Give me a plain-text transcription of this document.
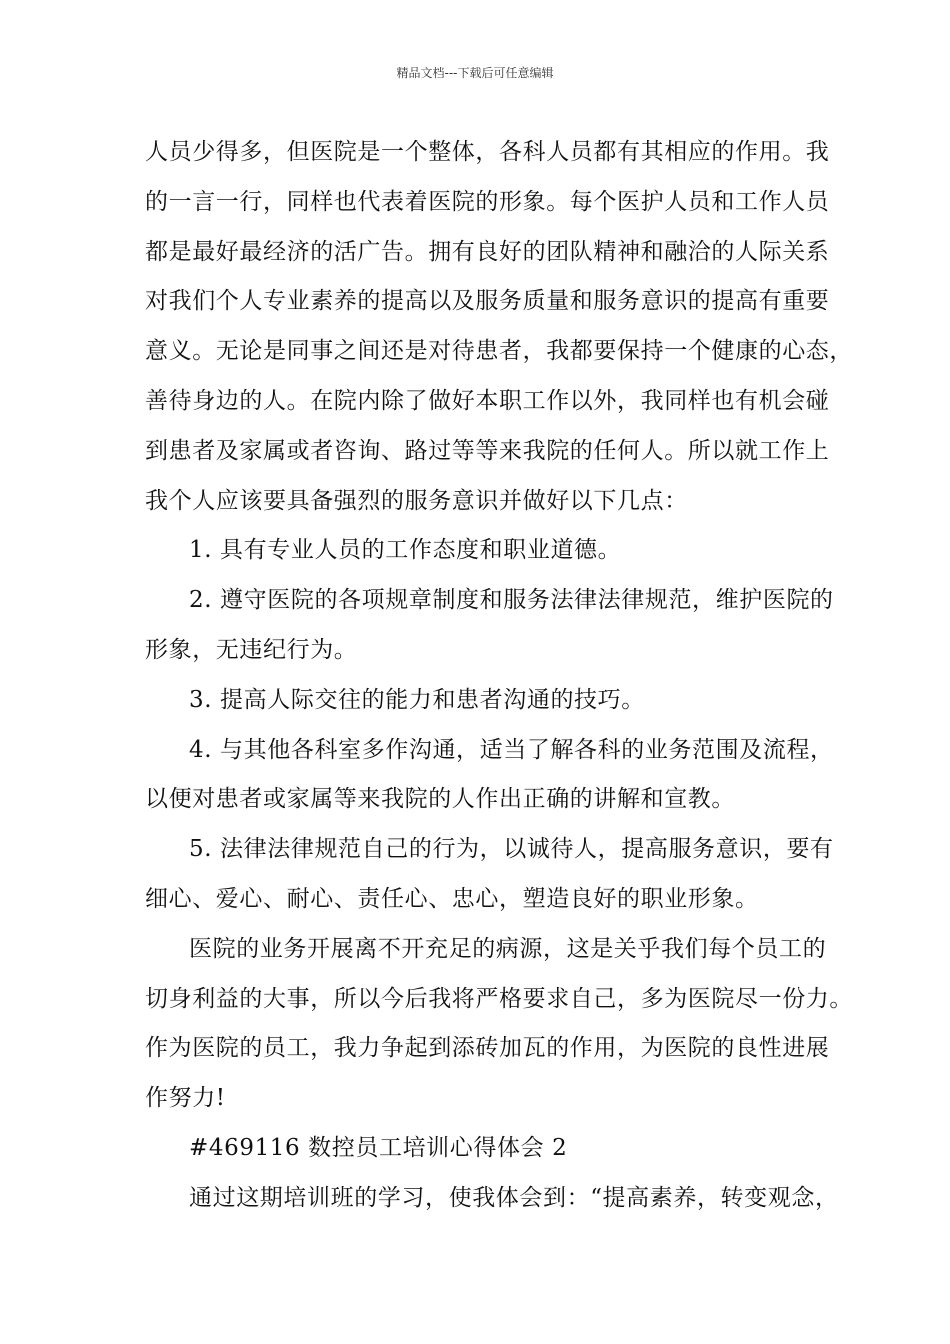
精品文档---下载后可任意编辑
人员少得多，但医院是一个整体，各科人员都有其相应的作用。我
的一言一行，同样也代表着医院的形象。每个医护人员和工作人员
都是最好最经济的活广告。拥有良好的团队精神和融洽的人际关系
对我们个人专业素养的提高以及服务质量和服务意识的提高有重要
意义。无论是同事之间还是对待患者，我都要保持一个健康的心态，
善待身边的人。在院内除了做好本职工作以外，我同样也有机会碰
到患者及家属或者咨询、路过等等来我院的任何人。所以就工作上
我个人应该要具备强烈的服务意识并做好以下几点：
1. 具有专业人员的工作态度和职业道德。
2. 遵守医院的各项规章制度和服务法律法律规范，维护医院的
形象，无违纪行为。
3. 提高人际交往的能力和患者沟通的技巧。
4. 与其他各科室多作沟通，适当了解各科的业务范围及流程，
以便对患者或家属等来我院的人作出正确的讲解和宣教。
5. 法律法律规范自己的行为，以诚待人，提高服务意识，要有
细心、爱心、耐心、责任心、忠心，塑造良好的职业形象。
医院的业务开展离不开充足的病源，这是关乎我们每个员工的
切身利益的大事，所以今后我将严格要求自己，多为医院尽一份力。
作为医院的员工，我力争起到添砖加瓦的作用，为医院的良性进展
作努力!
#469116 数控员工培训心得体会 2
通过这期培训班的学习，使我体会到：“提高素养，转变观念，
